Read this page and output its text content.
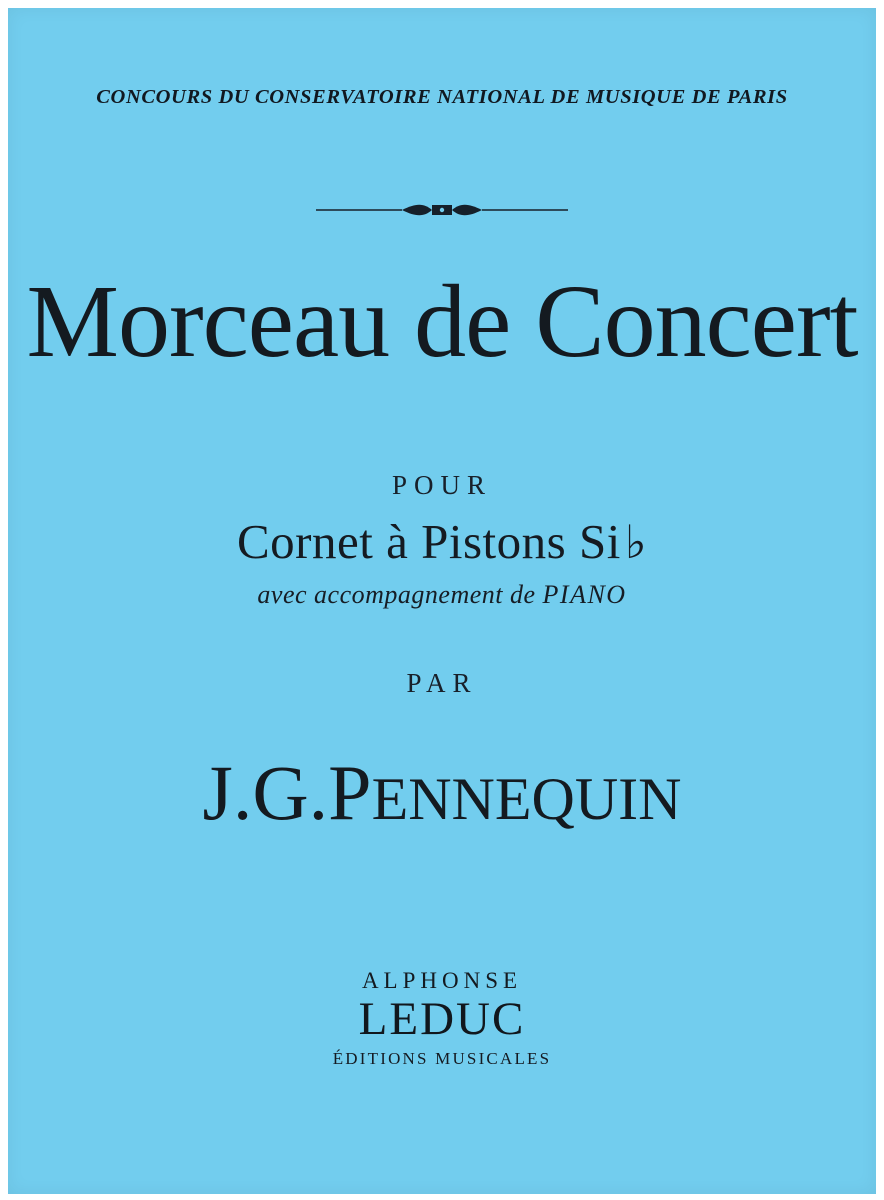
CONCOURS DU CONSERVATOIRE NATIONAL DE MUSIQUE DE PARIS
Morceau de Concert
POUR
Cornet à Pistons Si♭
avec accompagnement de PIANO
PAR
J.G.PENNEQUIN
ALPHONSE
LEDUC
ÉDITIONS MUSICALES
